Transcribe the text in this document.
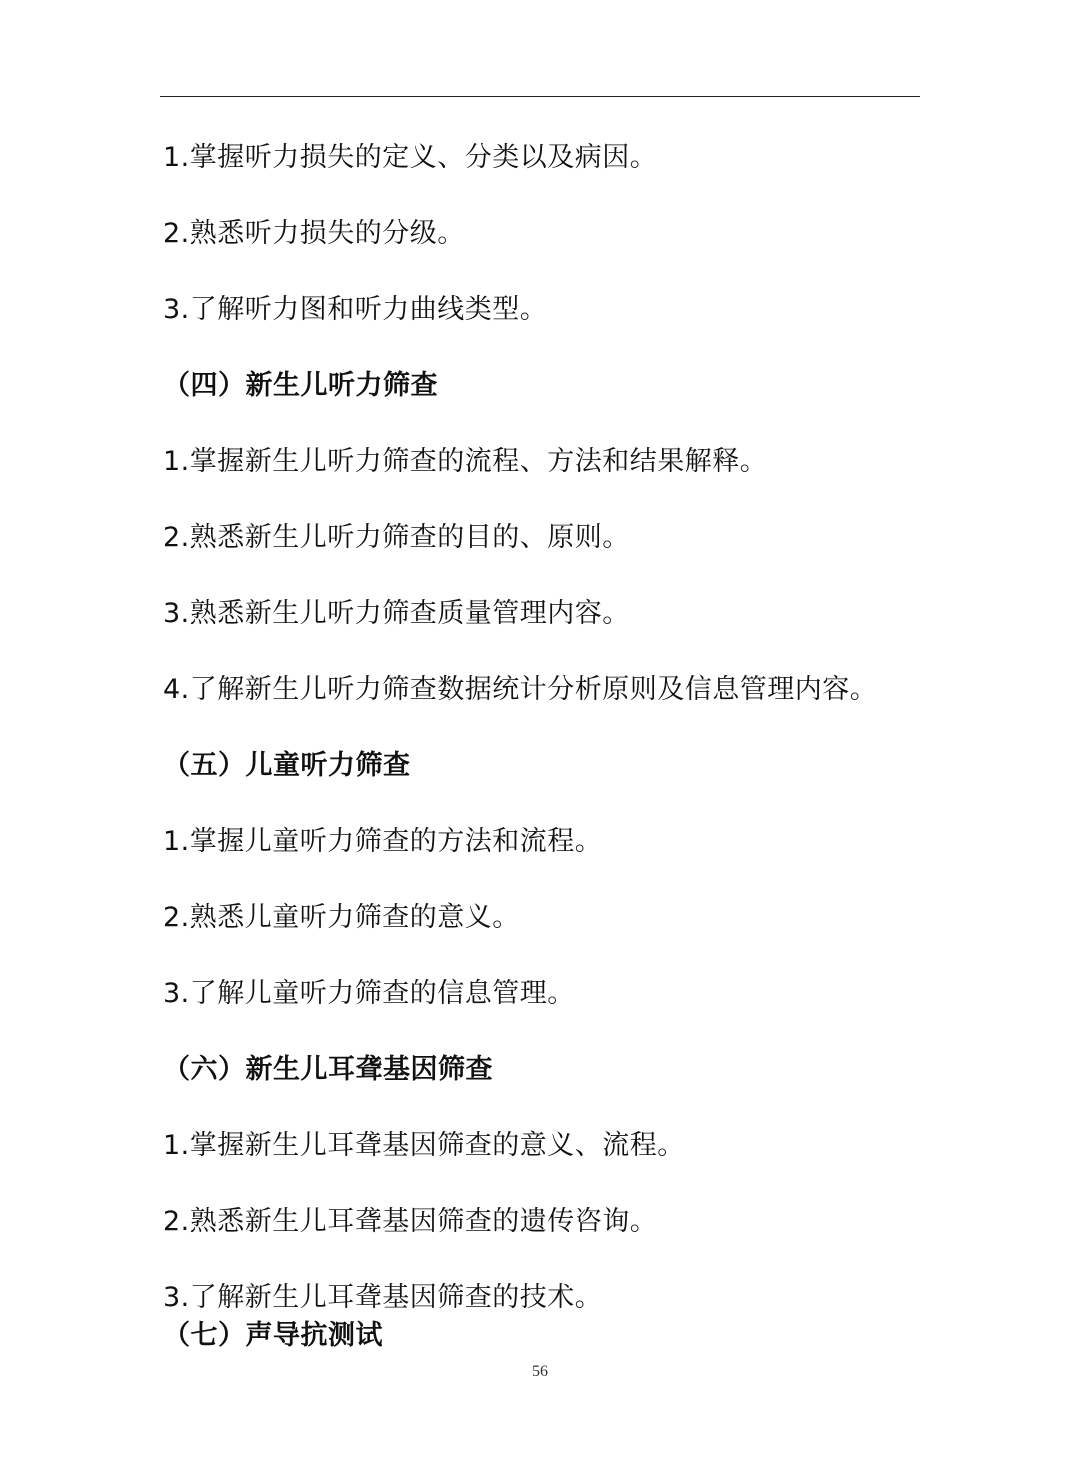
1.掌握听力损失的定义、分类以及病因。
2.熟悉听力损失的分级。
3.了解听力图和听力曲线类型。
（四）新生儿听力筛查
1.掌握新生儿听力筛查的流程、方法和结果解释。
2.熟悉新生儿听力筛查的目的、原则。
3.熟悉新生儿听力筛查质量管理内容。
4.了解新生儿听力筛查数据统计分析原则及信息管理内容。
（五）儿童听力筛查
1.掌握儿童听力筛查的方法和流程。
2.熟悉儿童听力筛查的意义。
3.了解儿童听力筛查的信息管理。
（六）新生儿耳聋基因筛查
1.掌握新生儿耳聋基因筛查的意义、流程。
2.熟悉新生儿耳聋基因筛查的遗传咨询。
3.了解新生儿耳聋基因筛查的技术。
（七）声导抗测试
56
